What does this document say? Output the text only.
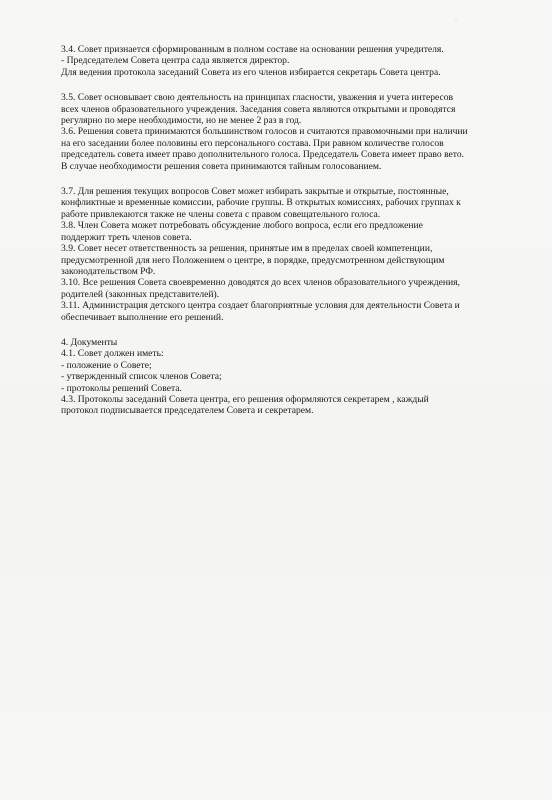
·
3.4. Совет признается сформированным в полном составе на основании решения учредителя.
- Председателем Совета центра сада является директор.
Для ведения протокола заседаний Совета из его членов избирается секретарь Совета центра.
3.5. Совет основывает свою деятельность на принципах гласности, уважения и учета интересов
всех членов образовательного учреждения. Заседания совета являются открытыми и проводятся
регулярно по мере необходимости, но не менее 2 раз в год.
3.6. Решения совета принимаются большинством голосов и считаются правомочными при наличии
на его заседании более половины его персонального состава. При равном количестве голосов
председатель совета имеет право дополнительного голоса. Председатель Совета имеет право вето.
В случае необходимости решения совета принимаются тайным голосованием.
3.7. Для решения текущих вопросов Совет может избирать закрытые и открытые, постоянные,
конфликтные и временные комиссии, рабочие группы. В открытых комиссиях, рабочих группах к
работе привлекаются также не члены совета с правом совещательного голоса.
3.8. Член Совета может потребовать обсуждение любого вопроса, если его предложение
поддержит треть членов совета.
3.9. Совет несет ответственность за решения, принятые им в пределах своей компетенции,
предусмотренной для него Положением о центре, в порядке, предусмотренном действующим
законодательством РФ.
3.10. Все решения Совета своевременно доводятся до всех членов образовательного учреждения,
родителей (законных представителей).
3.11. Администрация детского центра создает благоприятные условия для деятельности Совета и
обеспечивает выполнение его решений.
4. Документы
4.1. Совет должен иметь:
- положение о Совете;
- утвержденный список членов Совета;
- протоколы решений Совета.
4.3. Протоколы заседаний Совета центра, его решения оформляются секретарем , каждый
протокол подписывается председателем Совета и секретарем.
